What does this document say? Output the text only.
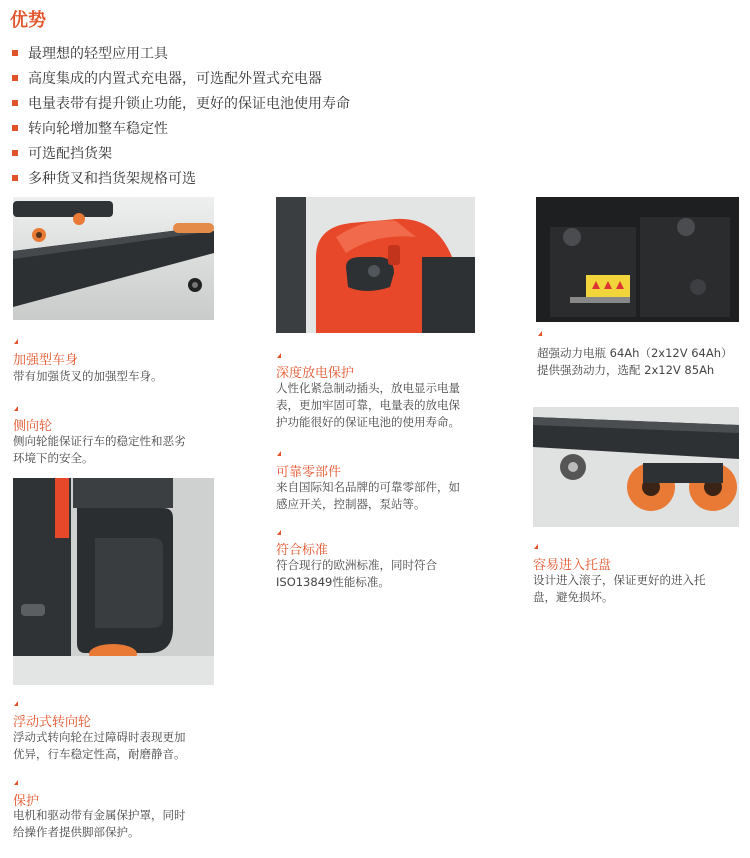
优势
最理想的轻型应用工具
高度集成的内置式充电器，可选配外置式充电器
电量表带有提升锁止功能，更好的保证电池使用寿命
转向轮增加整车稳定性
可选配挡货架
多种货叉和挡货架规格可选
加强型车身
带有加强货叉的加强型车身。
侧向轮
侧向轮能保证行车的稳定性和恶劣
环境下的安全。
浮动式转向轮
浮动式转向轮在过障碍时表现更加
优异，行车稳定性高，耐磨静音。
保护
电机和驱动带有金属保护罩，同时
给操作者提供脚部保护。
深度放电保护
人性化紧急制动插头，放电显示电量
表，更加牢固可靠，电量表的放电保
护功能很好的保证电池的使用寿命。
可靠零部件
来自国际知名品牌的可靠零部件，如
感应开关，控制器，泵站等。
符合标准
符合现行的欧洲标准，同时符合
ISO13849性能标准。
超强动力电瓶 64Ah（2x12V 64Ah）
提供强劲动力，选配 2x12V 85Ah
容易进入托盘
设计进入滚子，保证更好的进入托
盘，避免损坏。
